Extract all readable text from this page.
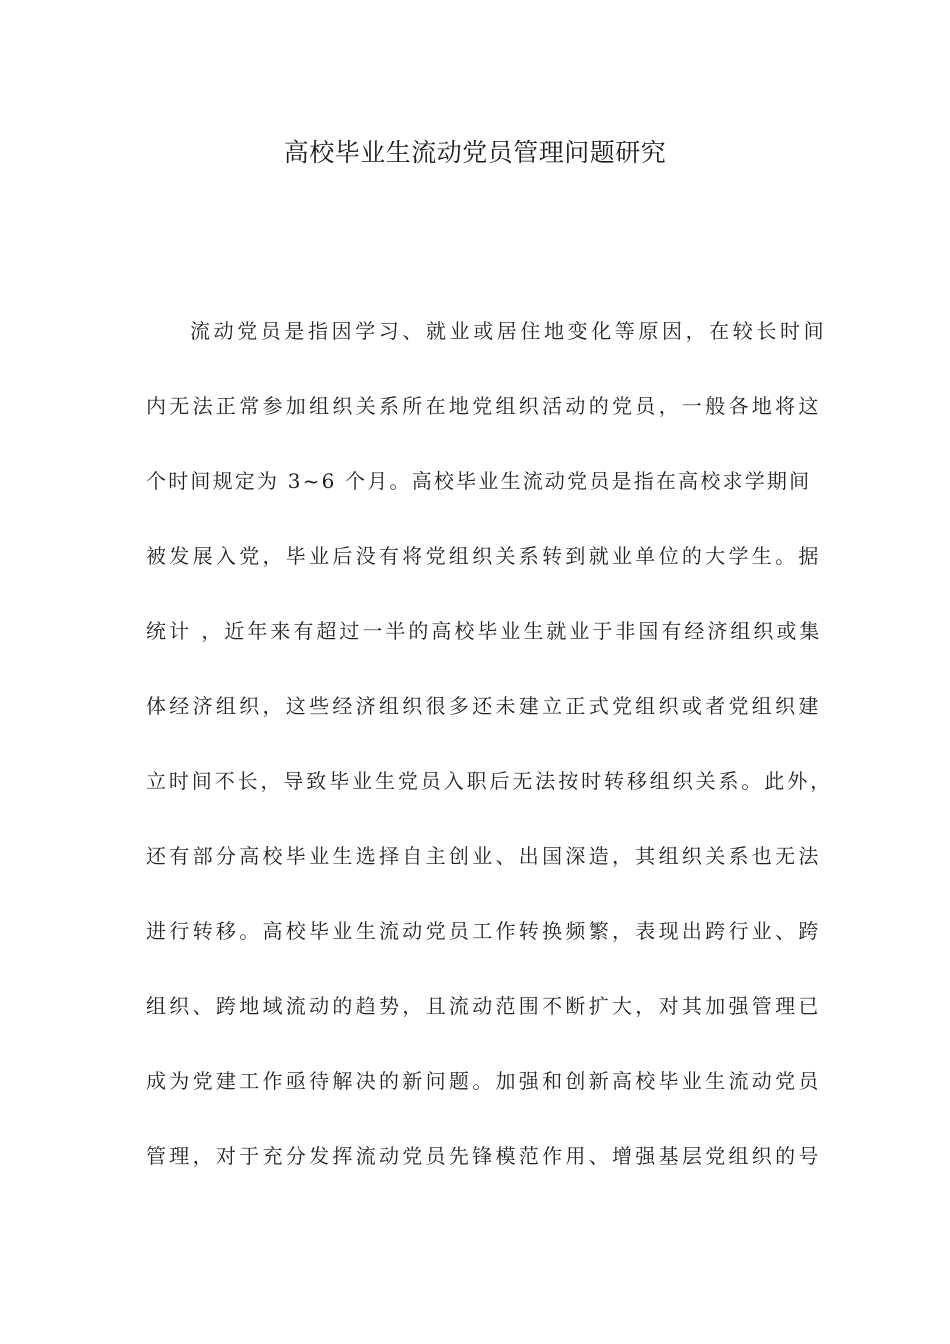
高校毕业生流动党员管理问题研究
流动党员是指因学习、就业或居住地变化等原因，在较长时间
内无法正常参加组织关系所在地党组织活动的党员，一般各地将这
个时间规定为 3~6 个月。高校毕业生流动党员是指在高校求学期间
被发展入党，毕业后没有将党组织关系转到就业单位的大学生。据
统计 ，近年来有超过一半的高校毕业生就业于非国有经济组织或集
体经济组织，这些经济组织很多还未建立正式党组织或者党组织建
立时间不长，导致毕业生党员入职后无法按时转移组织关系。此外，
还有部分高校毕业生选择自主创业、出国深造，其组织关系也无法
进行转移。高校毕业生流动党员工作转换频繁，表现出跨行业、跨
组织、跨地域流动的趋势，且流动范围不断扩大，对其加强管理已
成为党建工作亟待解决的新问题。加强和创新高校毕业生流动党员
管理，对于充分发挥流动党员先锋模范作用、增强基层党组织的号
